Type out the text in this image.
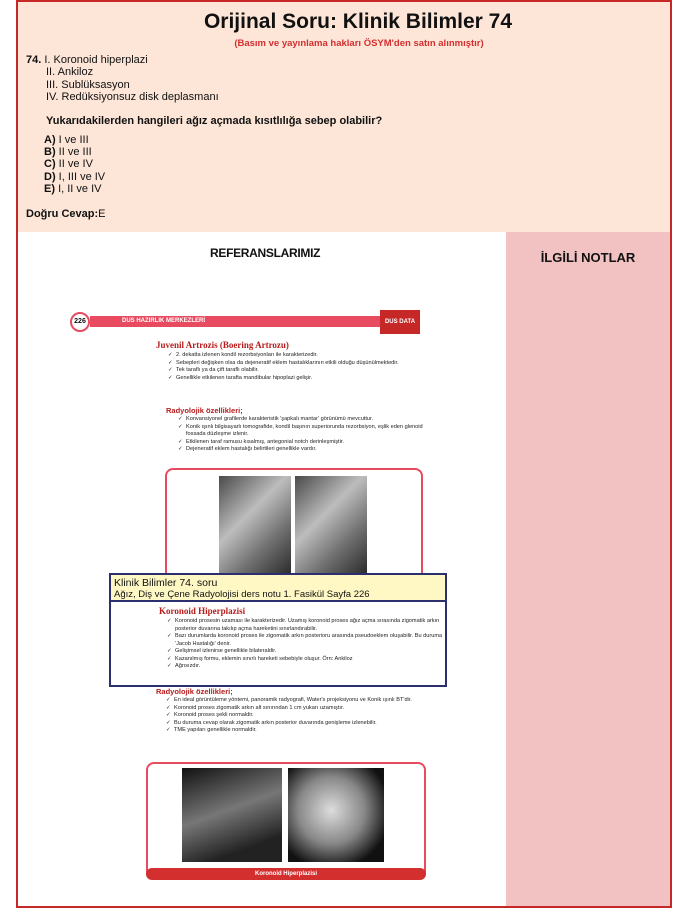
Orijinal Soru: Klinik Bilimler 74
(Basım ve yayınlama hakları ÖSYM'den satın alınmıştır)
74. I. Koronoid hiperplazi
II. Ankiloz
III. Sublüksasyon
IV. Redüksiyonsuz disk deplasmanı
Yukarıdakilerden hangileri ağız açmada kısıtlılığa sebep olabilir?
A) I ve III
B) II ve III
C) II ve IV
D) I, III ve IV
E) I, II ve IV
Doğru Cevap:E
REFERANSLARIMIZ	İLGİLİ NOTLAR
226	DUS HAZIRLIK MERKEZLERİ	DUS DATA
Juvenil Artrozis (Boering Artrozu)
✓ 2. dekatta izlenen kondil rezorbsiyonları ile karakterizedir.
✓ Sebepleri değişken olsa da dejeneratif eklem hastalıklarının etkili olduğu düşünülmektedir.
✓ Tek taraflı ya da çift taraflı olabilir.
✓ Genellikle etkilenen tarafta mandibular hipoplazi gelişir.
Radyolojik özellikleri;
✓ Konvansiyonel grafilerde karakteristik 'şapkalı mantar' görünümü mevcuttur.
✓ Konik ışınlı bilgisayarlı tomografide, kondil başının superiorunda rezorbsiyon, eşlik eden glenoid fossada düzleşme izlenir.
✓ Etkilenen taraf ramusu kısalmış, antegonial notch derinleşmiştir.
✓ Dejeneratif eklem hastalığı belirtileri genellikle vardır.
Koronoid Hiperplazisi
Klinik Bilimler 74. soru
Ağız, Diş ve Çene Radyolojisi ders notu 1. Fasikül Sayfa 226
Koronoid Hiperplazisi
✓ Koronoid prosesin uzaması ile karakterizedir. Uzamış koronoid proses ağız açma sırasında zigomatik arkın posterior duvarına takılıp açma hareketini sınırlandırabilir.
✓ Bazı durumlarda koronoid proses ile zigomatik arkın posterioru arasında pseudoeklem oluşabilir. Bu duruma 'Jacob Hastalığı' denir.
✓ Gelişimsel izlenirse genellikle bilateraldir.
✓ Kazanılmış formu, eklemin sınırlı hareketi sebebiyle oluşur. Örn: Ankiloz
✓ Ağrısızdır.
Radyolojik özellikleri;
✓ En ideal görüntüleme yöntemi, panoramik radyografi, Water's projeksiyonu ve Konik ışınlı BT'dir.
✓ Koronoid proses zigomatik arkın alt sınırından 1 cm yukarı uzamıştır.
✓ Koronoid proses şekli normaldir.
✓ Bu duruma cevap olarak zigomatik arkın posterior duvarında genişleme izlenebilir.
✓ TME yapıları genellikle normaldir.
